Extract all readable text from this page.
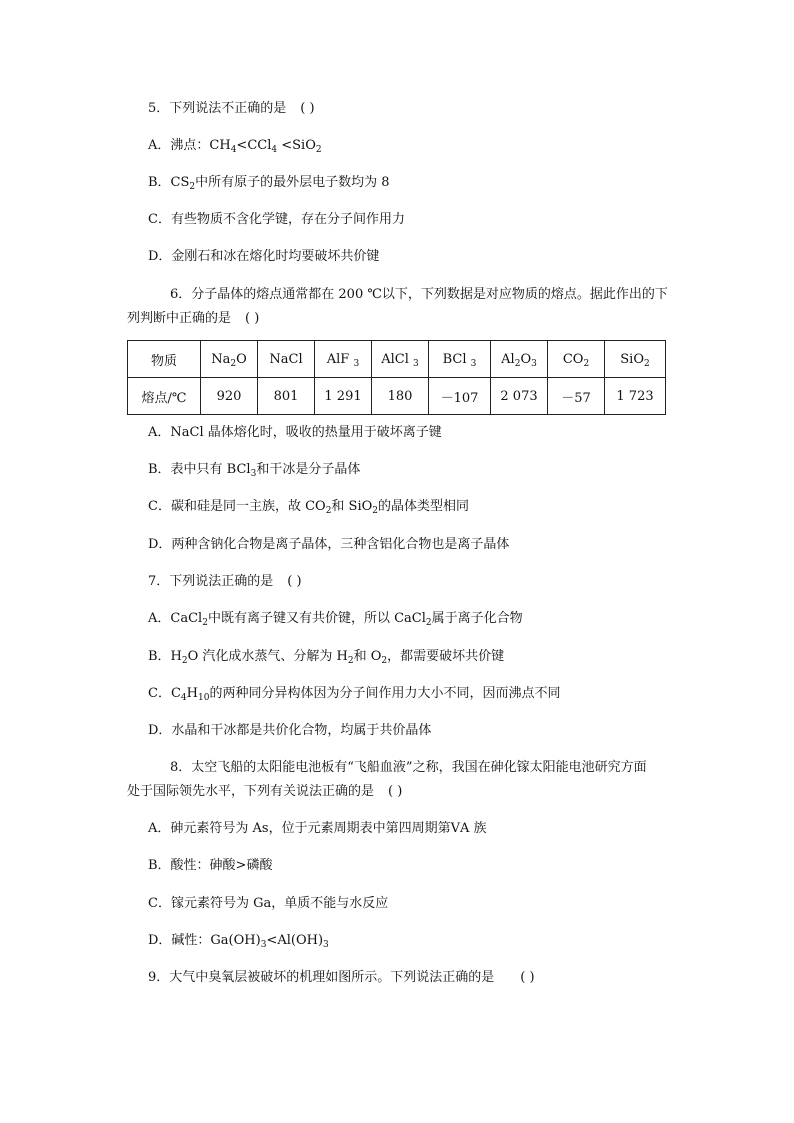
5．下列说法不正确的是 ( )
A．沸点：$CH_4<CCl_4 <SiO_2$
B．$CS_2$中所有原子的最外层电子数均为 8
C．有些物质不含化学键，存在分子间作用力
D．金刚石和冰在熔化时均要破坏共价键
6．分子晶体的熔点通常都在 200 ℃以下，下列数据是对应物质的熔点。据此作出的下
列判断中正确的是 ( )
物质	$Na_2O$	NaCl	AlF $_3$	AlCl $_3$	BCl $_3$	$Al_2O_3$	$CO_2$	SiO$_2$
熔点/℃	920	801	1 291	180	－107	2 073	－57	1 723
A．NaCl 晶体熔化时，吸收的热量用于破坏离子键
B．表中只有 BCl$_3$和干冰是分子晶体
C．碳和硅是同一主族，故 $CO_2$和 SiO$_2$的晶体类型相同
D．两种含钠化合物是离子晶体，三种含铝化合物也是离子晶体
7．下列说法正确的是 ( )
A．CaCl$_2$中既有离子键又有共价键，所以 CaCl$_2$属于离子化合物
B．$H_2O$ 汽化成水蒸气、分解为 $H_2$和 $O_2$，都需要破坏共价键
C．$C_4H_{10}$的两种同分异构体因为分子间作用力大小不同，因而沸点不同
D．水晶和干冰都是共价化合物，均属于共价晶体
8．太空飞船的太阳能电池板有“飞船血液”之称，我国在砷化镓太阳能电池研究方面
处于国际领先水平，下列有关说法正确的是 ( )
A．砷元素符号为 As，位于元素周期表中第四周期第ⅤA 族
B．酸性：砷酸>磷酸
C．镓元素符号为 Ga，单质不能与水反应
D．碱性：$Ga(OH)_3<Al(OH)_3$
9．大气中臭氧层被破坏的机理如图所示。下列说法正确的是 ( )
